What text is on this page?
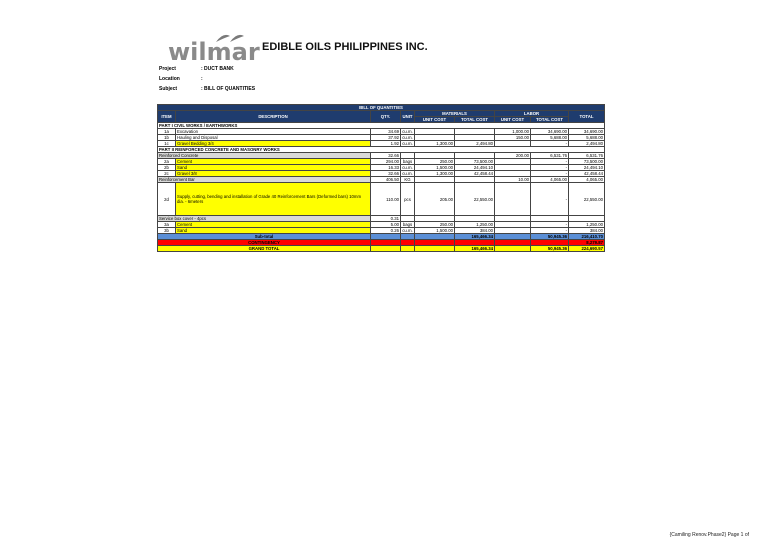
wilmar EDIBLE OILS PHILIPPINES INC.
Project	: DUCT BANK
Location	:
Subject	: BILL OF QUANTITIES
BILL OF QUANTITIES								
ITEM	DESCRIPTION	QTY.	UNIT	MATERIALS		LABOR		TOTAL
				UNIT COST	TOTAL COST	UNIT COST	TOTAL COST	
PART I CIVIL WORKS / EARTHWORKS								
1a	Excavation	34.69	cu.m.			1,000.00	34,690.00	34,690.00
1b	Hauling and Disposal	37.92	cu.m.			150.00	5,688.00	5,688.00
1c	Gravel Bedding 3/4	1.92	cu.m.	1,300.00	2,494.80		-	2,494.80
PART II REINFORCED CONCRETE AND MASONRY WORKS								
Reinforced Concrete		32.66				200.00	6,531.76	6,531.76
2a	Cement	294.00	bags	250.00	73,500.00		-	73,500.00
2b	Sand	16.33	cu.m.	1,500.00	24,494.10		-	24,494.10
2c	Gravel 3/8	32.66	cu.m.	1,300.00	42,458.44		-	42,458.44
Reinforcement Bar		406.50	KG			10.00	4,065.00	4,065.00
2d	Supply, cutting, bending and installation of Grade 40 Reinforcement Bars (Deformed bars) 10mm dia. - 6meters	110.00	pcs	205.00	22,550.00		-	22,550.00
Service box cover - 4pcs		0.31						
3a	Cement	5.00	bags	250.00	1,250.00		-	1,250.00
3b	Sand	0.26	cu.m.	1,500.00	384.00		-	384.00
Sub-total					165,466.34		50,945.36	216,410.70
CONTINGENCY								8,279.87
GRAND TOTAL					165,466.34		50,945.36	224,690.57
{Camiling Renov.Phase2} Page 1 of
